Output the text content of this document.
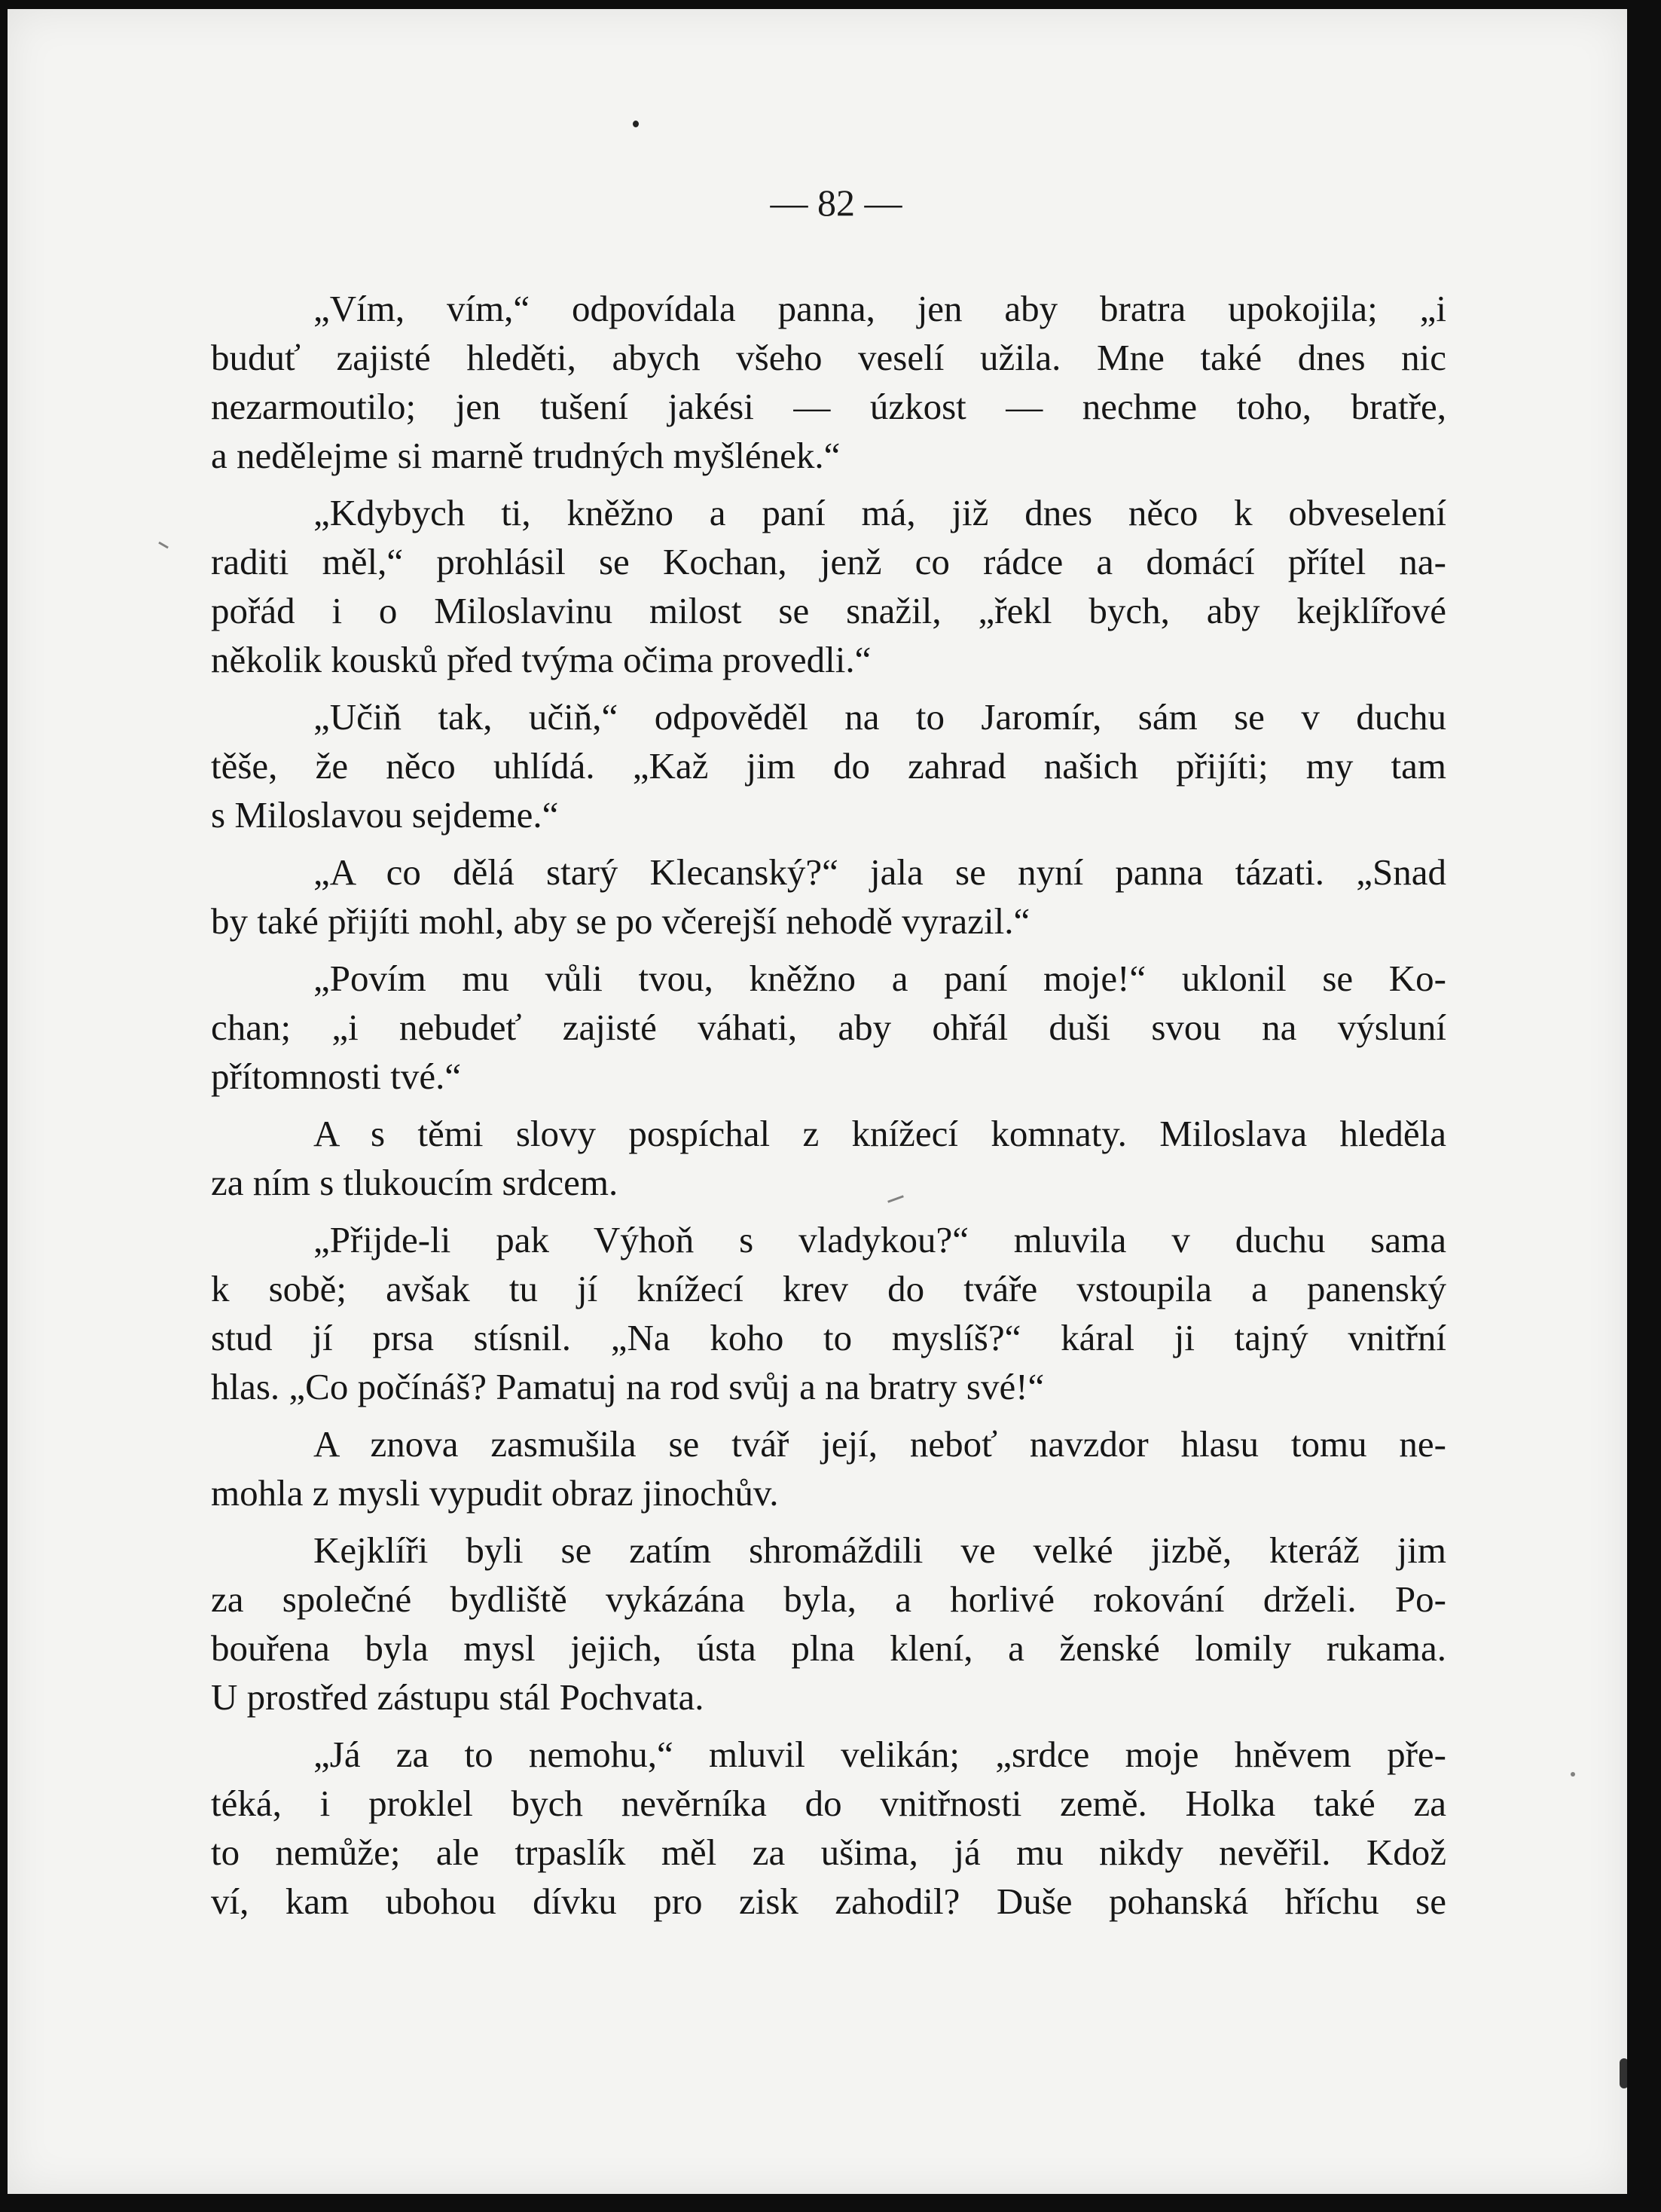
— 82 —
„Vím, vím,“ odpovídala panna, jen aby bratra upokojila; „i
buduť zajisté hleděti, abych všeho veselí užila. Mne také dnes nic
nezarmoutilo; jen tušení jakési — úzkost — nechme toho, bratře,
a nedělejme si marně trudných myšlének.“
„Kdybych ti, kněžno a paní má, již dnes něco k obveselení
raditi měl,“ prohlásil se Kochan, jenž co rádce a domácí přítel na-
pořád i o Miloslavinu milost se snažil, „řekl bych, aby kejklířové
několik kousků před tvýma očima provedli.“
„Učiň tak, učiň,“ odpověděl na to Jaromír, sám se v duchu
těše, že něco uhlídá. „Kaž jim do zahrad našich přijíti; my tam
s Miloslavou sejdeme.“
„A co dělá starý Klecanský?“ jala se nyní panna tázati. „Snad
by také přijíti mohl, aby se po včerejší nehodě vyrazil.“
„Povím mu vůli tvou, kněžno a paní moje!“ uklonil se Ko-
chan; „i nebudeť zajisté váhati, aby ohřál duši svou na výsluní
přítomnosti tvé.“
A s těmi slovy pospíchal z knížecí komnaty. Miloslava hleděla
za ním s tlukoucím srdcem.
„Přijde-li pak Výhoň s vladykou?“ mluvila v duchu sama
k sobě; avšak tu jí knížecí krev do tváře vstoupila a panenský
stud jí prsa stísnil. „Na koho to myslíš?“ káral ji tajný vnitřní
hlas. „Co počínáš? Pamatuj na rod svůj a na bratry své!“
A znova zasmušila se tvář její, neboť navzdor hlasu tomu ne-
mohla z mysli vypudit obraz jinochův.
Kejklíři byli se zatím shromáždili ve velké jizbě, kteráž jim
za společné bydliště vykázána byla, a horlivé rokování drželi. Po-
bouřena byla mysl jejich, ústa plna klení, a ženské lomily rukama.
U prostřed zástupu stál Pochvata.
„Já za to nemohu,“ mluvil velikán; „srdce moje hněvem pře-
téká, i proklel bych nevěrníka do vnitřnosti země. Holka také za
to nemůže; ale trpaslík měl za ušima, já mu nikdy nevěřil. Kdož
ví, kam ubohou dívku pro zisk zahodil? Duše pohanská hříchu se
